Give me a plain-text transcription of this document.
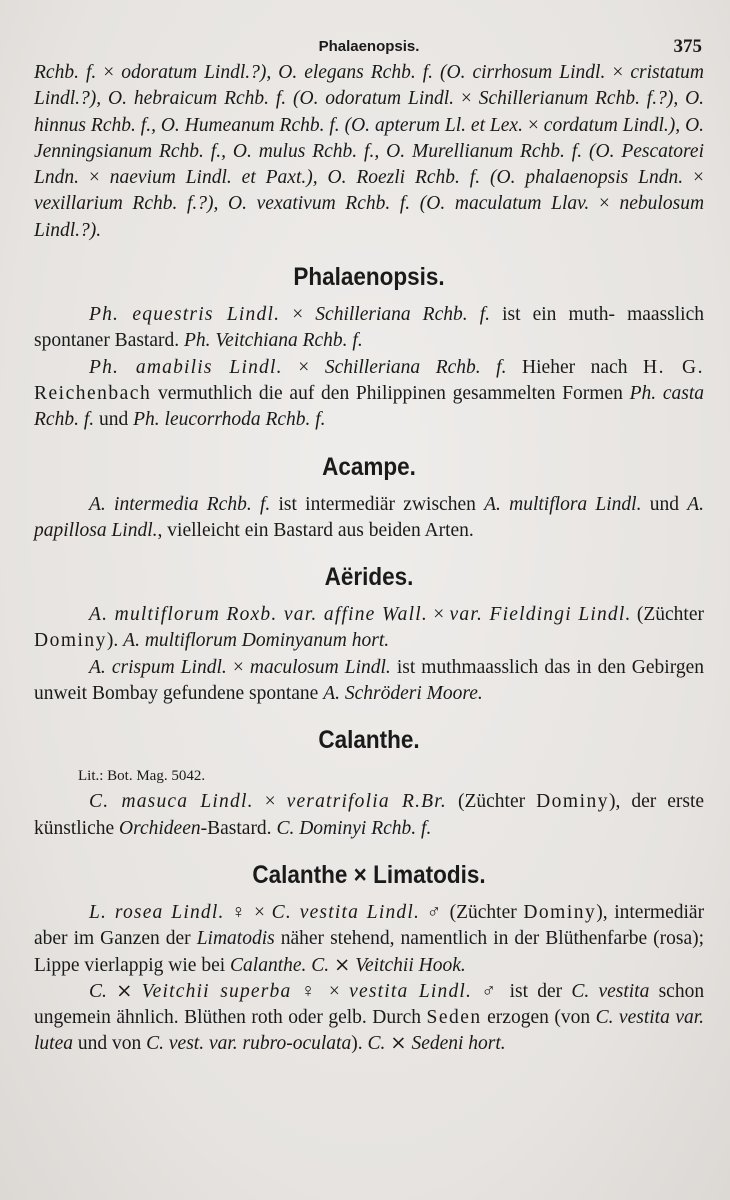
Phalaenopsis.	375

Rchb. f. × odoratum Lindl.?), O. elegans Rchb. f. (O. cirrhosum Lindl. × cristatum Lindl.?), O. hebraicum Rchb. f. (O. odoratum Lindl. × Schillerianum Rchb. f.?), O. hinnus Rchb. f., O. Humeanum Rchb. f. (O. apterum Ll. et Lex. × cordatum Lindl.), O. Jenningsianum Rchb. f., O. mulus Rchb. f., O. Murellianum Rchb. f. (O. Pescatorei Lndn. × naevium Lindl. et Paxt.), O. Roezli Rchb. f. (O. phalaenopsis Lndn. × vexillarium Rchb. f.?), O. vexativum Rchb. f. (O. maculatum Llav. × nebulosum Lindl.?).

Phalaenopsis.

Ph. equestris Lindl. × Schilleriana Rchb. f. ist ein muth- maasslich spontaner Bastard. Ph. Veitchiana Rchb. f.

Ph. amabilis Lindl. × Schilleriana Rchb. f. Hieher nach H. G. Reichenbach vermuthlich die auf den Philippinen gesammelten Formen Ph. casta Rchb. f. und Ph. leucorrhoda Rchb. f.

Acampe.

A. intermedia Rchb. f. ist intermediär zwischen A. multiflora Lindl. und A. papillosa Lindl., vielleicht ein Bastard aus beiden Arten.

Aërides.

A. multiflorum Roxb. var. affine Wall. × var. Fieldingi Lindl. (Züchter Dominy). A. multiflorum Dominyanum hort.

A. crispum Lindl. × maculosum Lindl. ist muthmaasslich das in den Gebirgen unweit Bombay gefundene spontane A. Schröderi Moore.

Calanthe.
Lit.: Bot. Mag. 5042.

C. masuca Lindl. × veratrifolia R.Br. (Züchter Dominy), der erste künstliche Orchideen-Bastard. C. Dominyi Rchb. f.

Calanthe × Limatodis.

L. rosea Lindl. ♀ × C. vestita Lindl. ♂ (Züchter Dominy), intermediär aber im Ganzen der Limatodis näher stehend, namentlich in der Blüthenfarbe (rosa); Lippe vierlappig wie bei Calanthe. C. ⨯ Veitchii Hook.

C. ⨯ Veitchii superba ♀ × vestita Lindl. ♂ ist der C. vestita schon ungemein ähnlich. Blüthen roth oder gelb. Durch Seden erzogen (von C. vestita var. lutea und von C. vest. var. rubro-oculata). C. ⨯ Sedeni hort.
